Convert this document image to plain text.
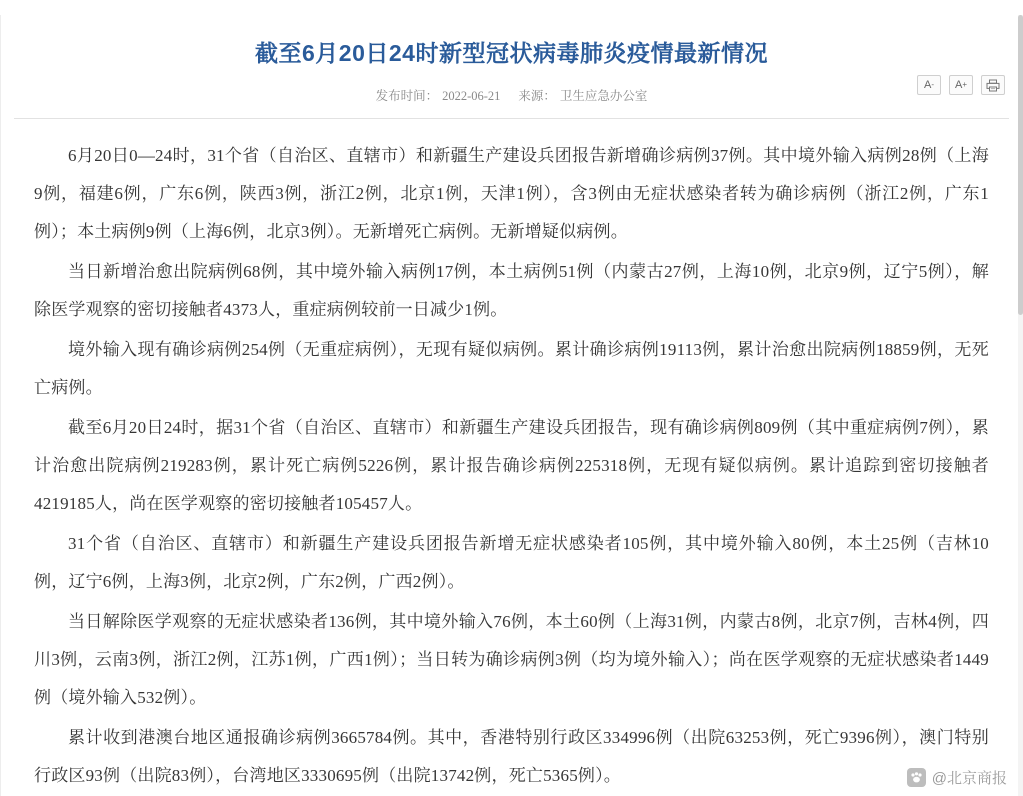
截至6月20日24时新型冠状病毒肺炎疫情最新情况
发布时间： 2022-06-21 来源： 卫生应急办公室
A - A +

6月20日0—24时，31个省（自治区、直辖市）和新疆生产建设兵团报告新增确诊病例37例。其中境外输入病例28例（上海9例，福建6例，广东6例，陕西3例，浙江2例，北京1例，天津1例），含3例由无症状感染者转为确诊病例（浙江2例，广东1例）；本土病例9例（上海6例，北京3例）。无新增死亡病例。无新增疑似病例。

当日新增治愈出院病例68例，其中境外输入病例17例，本土病例51例（内蒙古27例，上海10例，北京9例，辽宁5例），解除医学观察的密切接触者4373人，重症病例较前一日减少1例。

境外输入现有确诊病例254例（无重症病例），无现有疑似病例。累计确诊病例19113例，累计治愈出院病例18859例，无死亡病例。

截至6月20日24时，据31个省（自治区、直辖市）和新疆生产建设兵团报告，现有确诊病例809例（其中重症病例7例），累计治愈出院病例219283例，累计死亡病例5226例，累计报告确诊病例225318例，无现有疑似病例。累计追踪到密切接触者4219185人，尚在医学观察的密切接触者105457人。

31个省（自治区、直辖市）和新疆生产建设兵团报告新增无症状感染者105例，其中境外输入80例，本土25例（吉林10例，辽宁6例，上海3例，北京2例，广东2例，广西2例）。

当日解除医学观察的无症状感染者136例，其中境外输入76例，本土60例（上海31例，内蒙古8例，北京7例，吉林4例，四川3例，云南3例，浙江2例，江苏1例，广西1例）；当日转为确诊病例3例（均为境外输入）；尚在医学观察的无症状感染者1449例（境外输入532例）。

累计收到港澳台地区通报确诊病例3665784例。其中，香港特别行政区334996例（出院63253例，死亡9396例），澳门特别行政区93例（出院83例），台湾地区3330695例（出院13742例，死亡5365例）。	@北京商报
